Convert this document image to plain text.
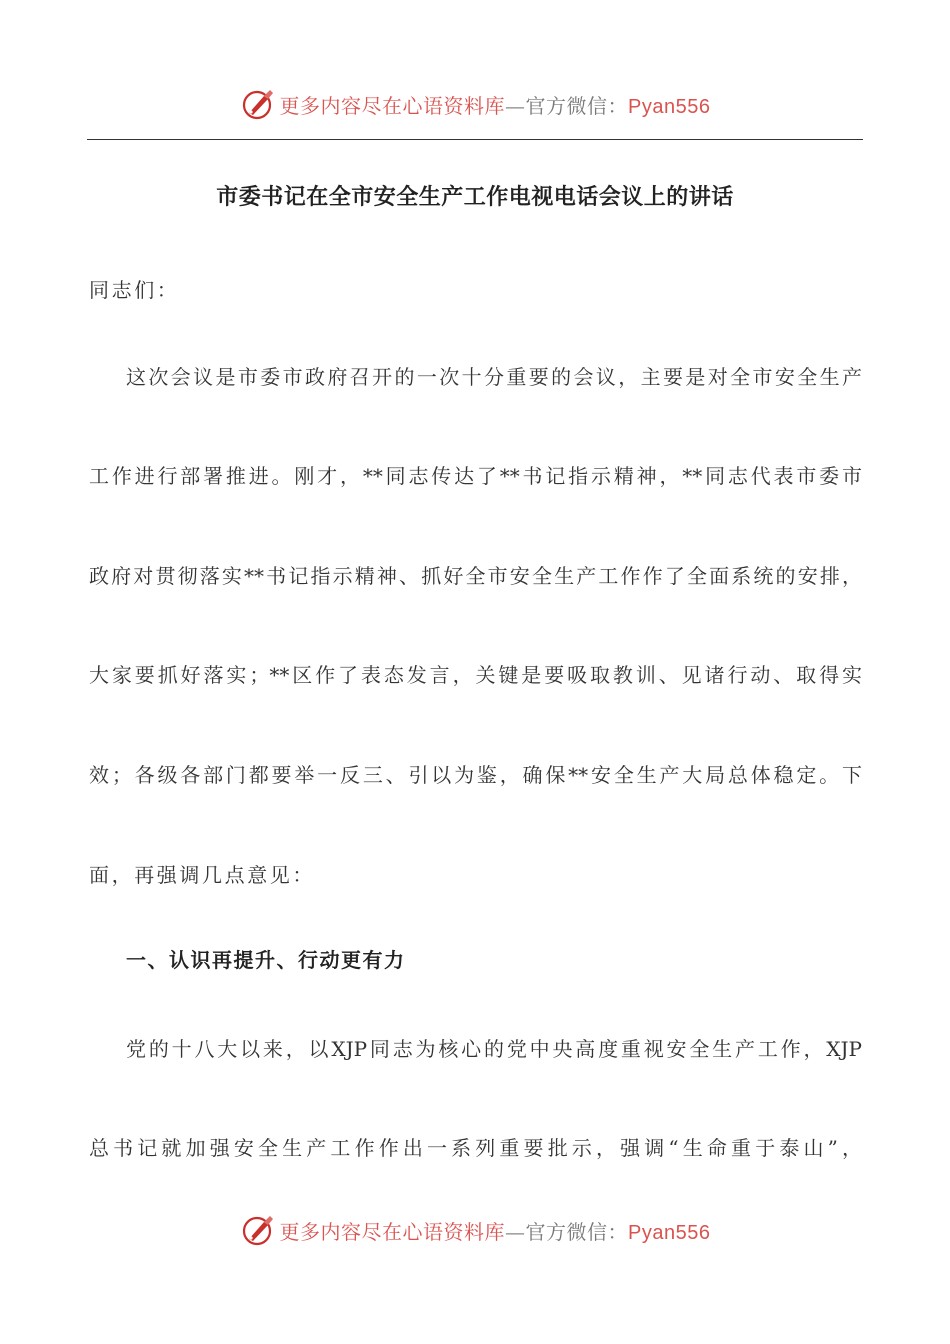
更多内容尽在心语资料库—官方微信：Pyan556
市委书记在全市安全生产工作电视电话会议上的讲话
同志们：
这次会议是市委市政府召开的一次十分重要的会议，主要是对全市安全生产
工作进行部署推进。刚才，**同志传达了**书记指示精神，**同志代表市委市
政府对贯彻落实**书记指示精神、抓好全市安全生产工作作了全面系统的安排，
大家要抓好落实；**区作了表态发言，关键是要吸取教训、见诸行动、取得实
效；各级各部门都要举一反三、引以为鉴，确保**安全生产大局总体稳定。下
面，再强调几点意见：
一、认识再提升、行动更有力
党的十八大以来，以XJP同志为核心的党中央高度重视安全生产工作，XJP
总书记就加强安全生产工作作出一系列重要批示，强调“生命重于泰山”，
更多内容尽在心语资料库—官方微信：Pyan556
